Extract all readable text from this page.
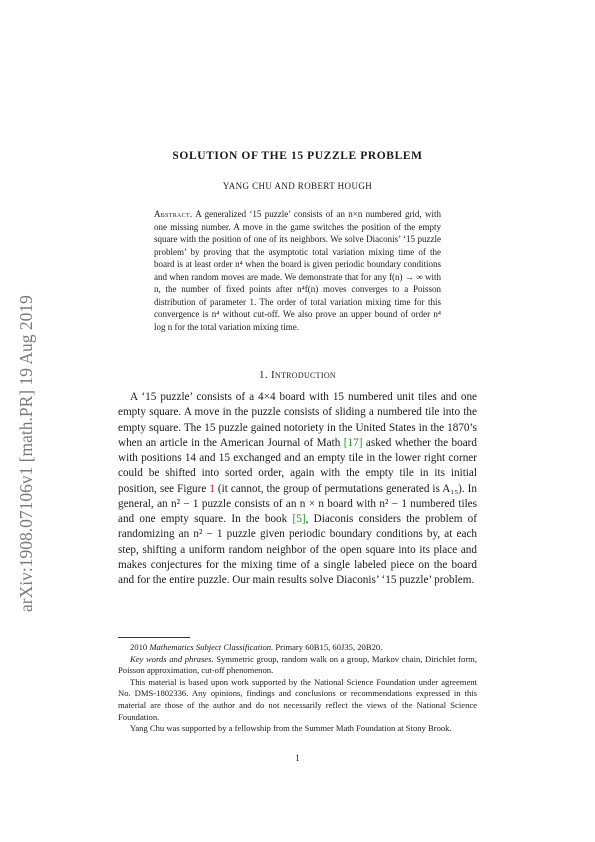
arXiv:1908.07106v1 [math.PR] 19 Aug 2019
SOLUTION OF THE 15 PUZZLE PROBLEM
YANG CHU AND ROBERT HOUGH
Abstract. A generalized ‘15 puzzle’ consists of an n×n numbered grid, with one missing number. A move in the game switches the position of the empty square with the position of one of its neighbors. We solve Diaconis’ ‘15 puzzle problem’ by proving that the asymptotic total variation mixing time of the board is at least order n⁴ when the board is given periodic boundary conditions and when random moves are made. We demonstrate that for any f(n) → ∞ with n, the number of fixed points after n⁴f(n) moves converges to a Poisson distribution of parameter 1. The order of total variation mixing time for this convergence is n⁴ without cut-off. We also prove an upper bound of order n⁴ log n for the total variation mixing time.
1. Introduction

A ‘15 puzzle’ consists of a 4×4 board with 15 numbered unit tiles and one empty square. A move in the puzzle consists of sliding a numbered tile into the empty square. The 15 puzzle gained notoriety in the United States in the 1870’s when an article in the American Journal of Math [17] asked whether the board with positions 14 and 15 exchanged and an empty tile in the lower right corner could be shifted into sorted order, again with the empty tile in its initial position, see Figure 1 (it cannot, the group of permutations generated is A₁₅). In general, an n² − 1 puzzle consists of an n × n board with n² − 1 numbered tiles and one empty square. In the book [5], Diaconis considers the problem of randomizing an n² − 1 puzzle given periodic boundary conditions by, at each step, shifting a uniform random neighbor of the open square into its place and makes conjectures for the mixing time of a single labeled piece on the board and for the entire puzzle. Our main results solve Diaconis’ ‘15 puzzle’ problem.

2010 Mathematics Subject Classification. Primary 60B15, 60J35, 20B20.

Key words and phrases. Symmetric group, random walk on a group, Markov chain, Dirichlet form, Poisson approximation, cut-off phenomenon.

This material is based upon work supported by the National Science Foundation under agreement No. DMS-1802336. Any opinions, findings and conclusions or recommendations expressed in this material are those of the author and do not necessarily reflect the views of the National Science Foundation.

Yang Chu was supported by a fellowship from the Summer Math Foundation at Stony Brook.

1
